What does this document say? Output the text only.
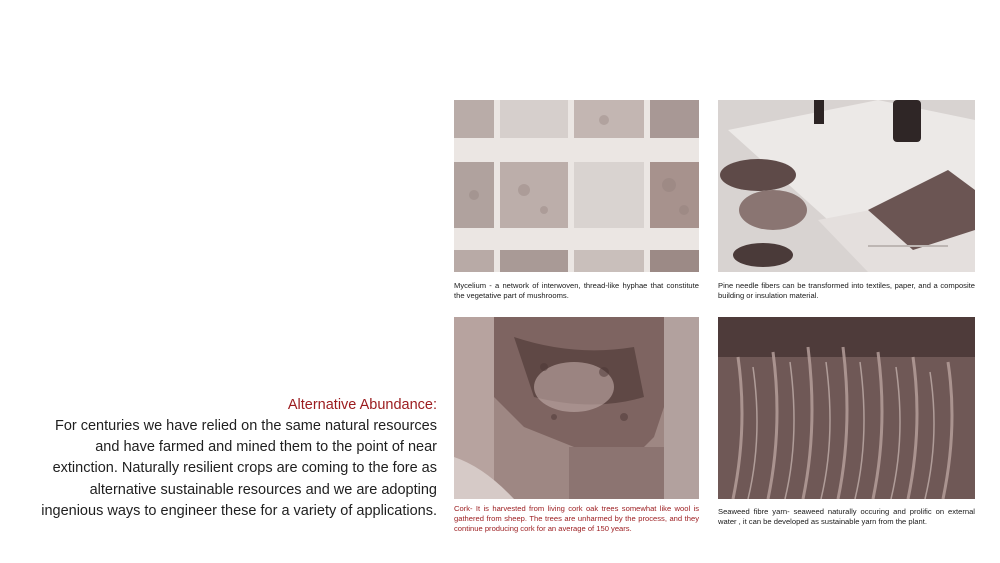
Alternative Abundance:

For centuries we have relied on the same natural resources and have farmed and mined them to the point of near extinction. Naturally resilient crops are coming to the fore as alternative sustainable resources and we are adopting ingenious ways to engineer these for a variety of applications.

Mycelium - a network of interwoven, thread-like hyphae that constitute the vegetative part of mushrooms.

Pine needle fibers can be transformed into textiles, paper, and a composite building or insulation material.

Cork- It is harvested from living cork oak trees somewhat like wool is gathered from sheep. The trees are unharmed by the process, and they continue producing cork for an average of 150 years.

Seaweed fibre yarn- seaweed naturally occuring and prolific on external water , it can be developed as sustainable yarn from the plant.
